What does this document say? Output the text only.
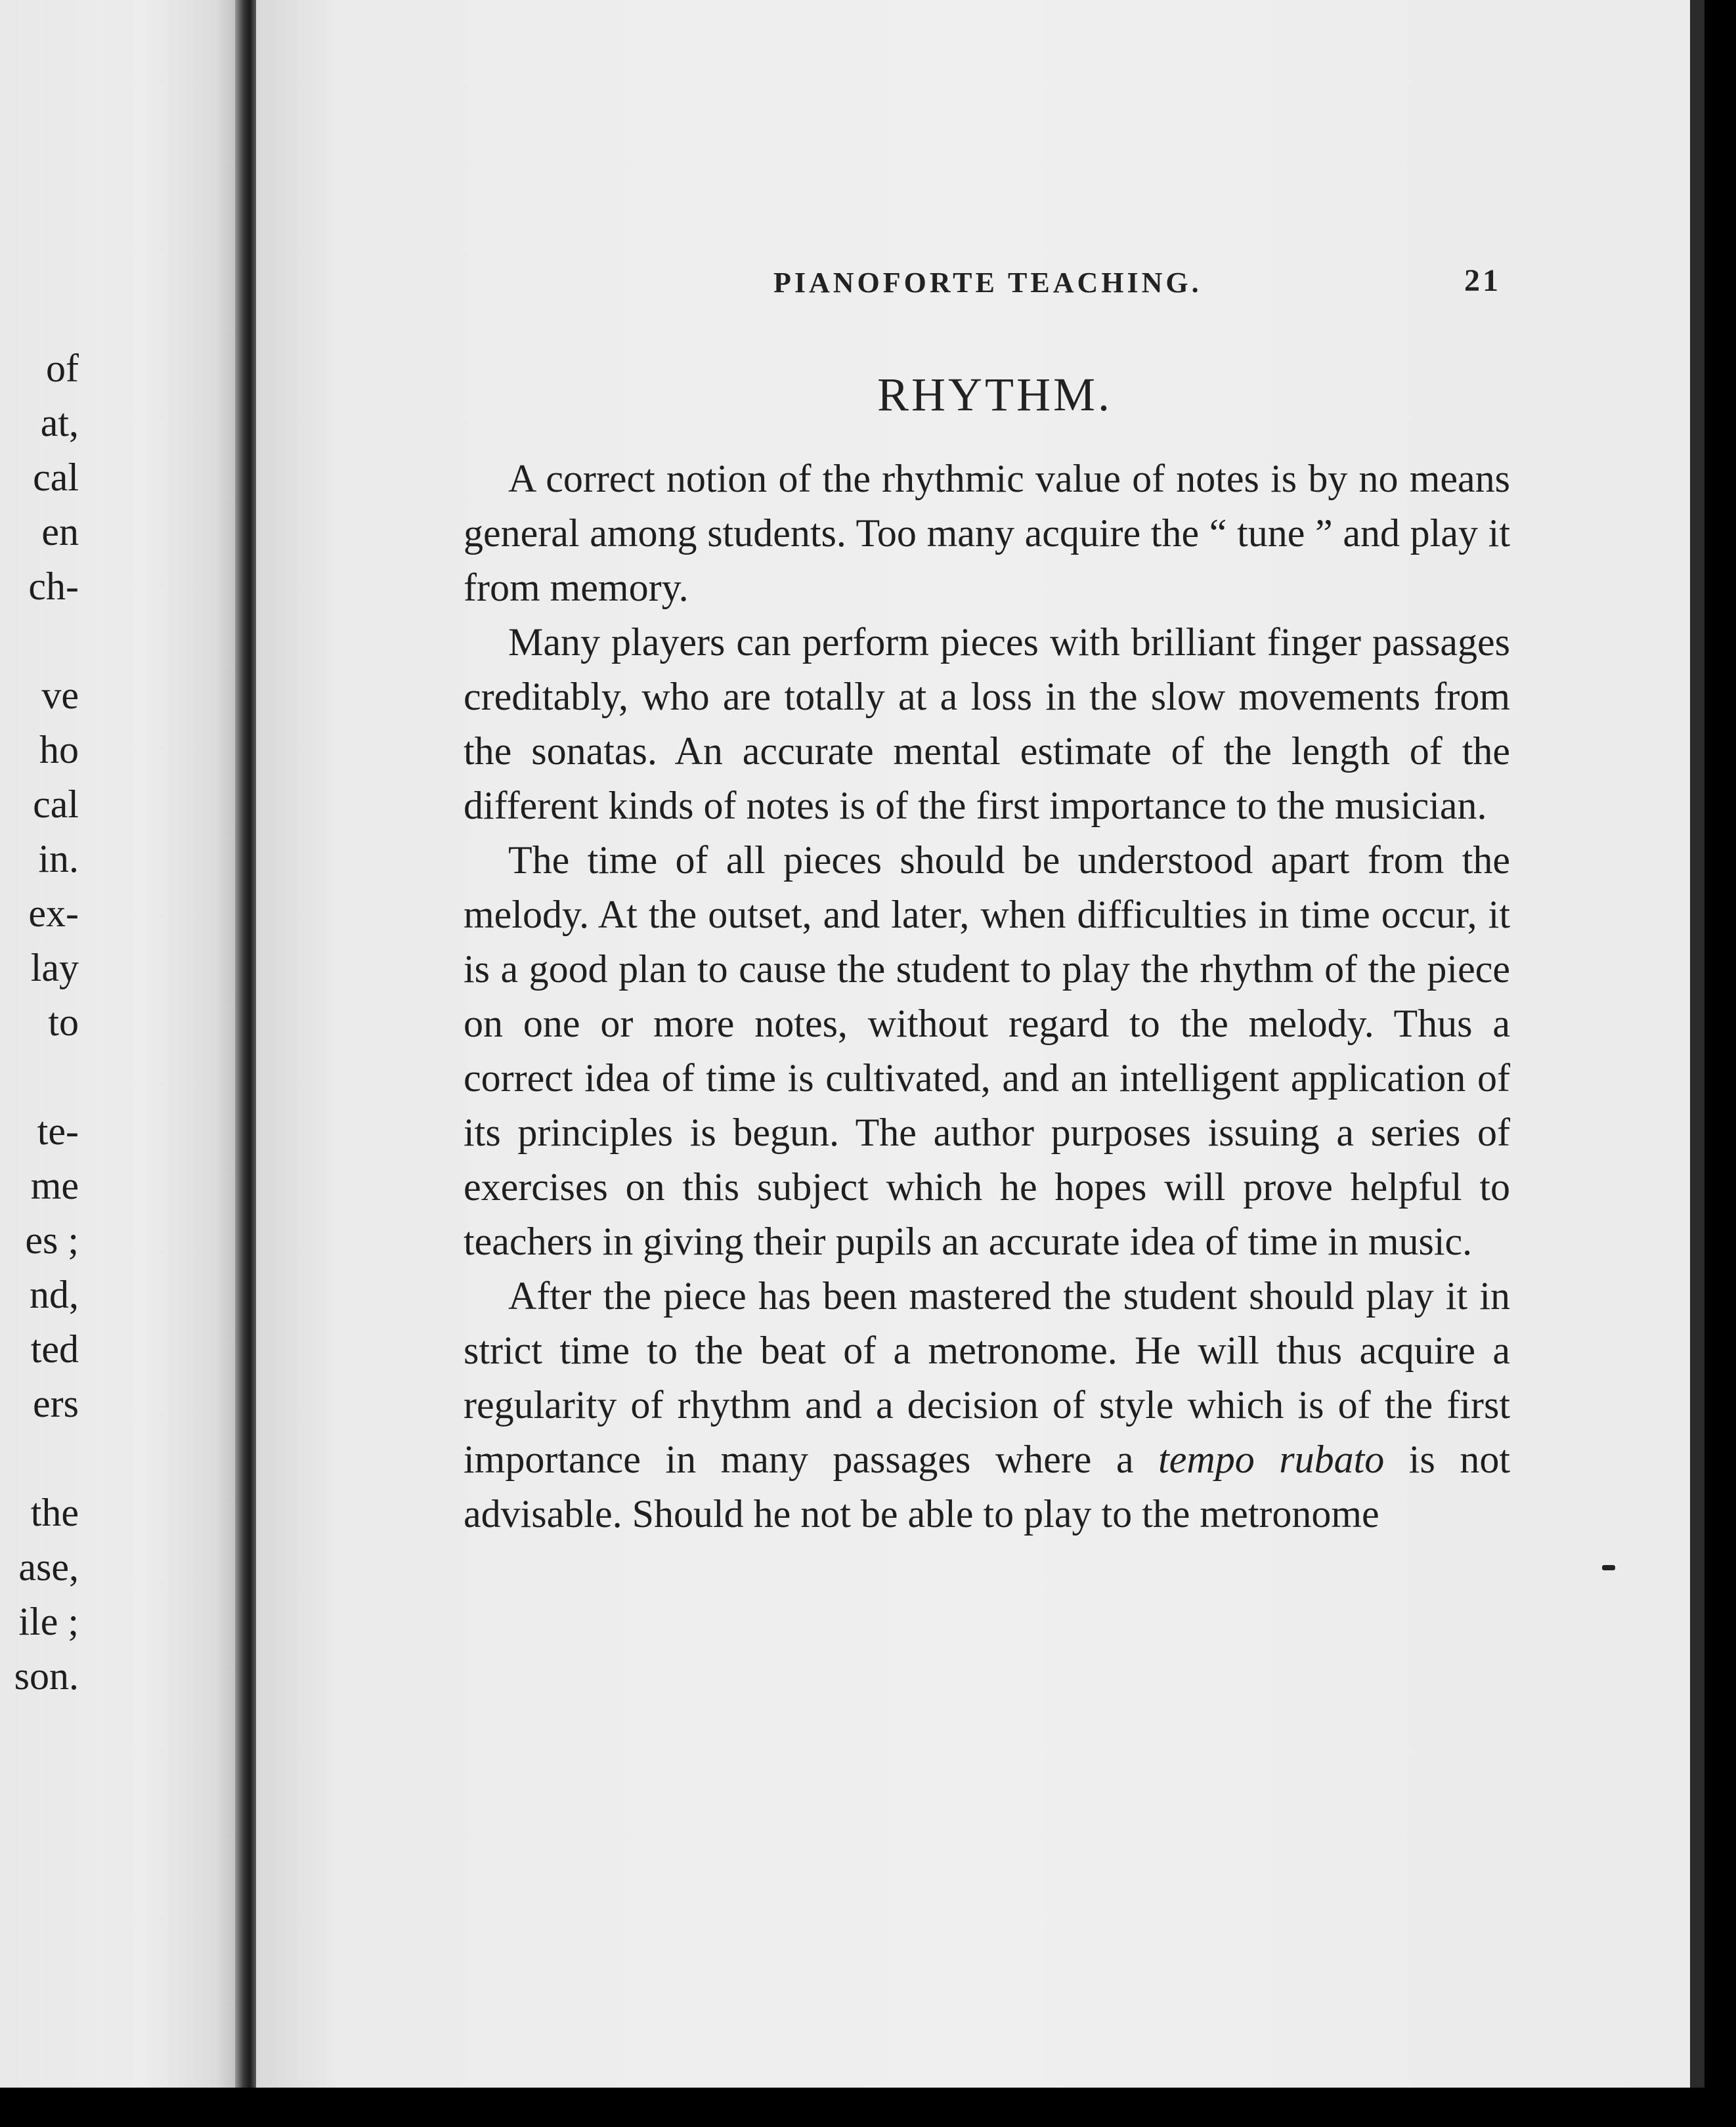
of
at,
cal
en
ch-
ve
ho
cal
in.
ex-
lay
to
te-
me
es ;
nd,
ted
ers
the
ase,
ile ;
son.
PIANOFORTE TEACHING.	21
RHYTHM.

A correct notion of the rhythmic value of notes is by no means general among students. Too many acquire the “ tune ” and play it from memory.

Many players can perform pieces with brilliant finger passages creditably, who are totally at a loss in the slow movements from the sonatas. An accurate mental estimate of the length of the different kinds of notes is of the first importance to the musician.

The time of all pieces should be understood apart from the melody. At the outset, and later, when difficulties in time occur, it is a good plan to cause the student to play the rhythm of the piece on one or more notes, without regard to the melody. Thus a correct idea of time is cultivated, and an intelligent application of its principles is begun. The author purposes issuing a series of exercises on this subject which he hopes will prove helpful to teachers in giving their pupils an accurate idea of time in music.

After the piece has been mastered the student should play it in strict time to the beat of a metronome. He will thus acquire a regularity of rhythm and a decision of style which is of the first importance in many passages where a tempo rubato is not advisable. Should he not be able to play to the metronome
